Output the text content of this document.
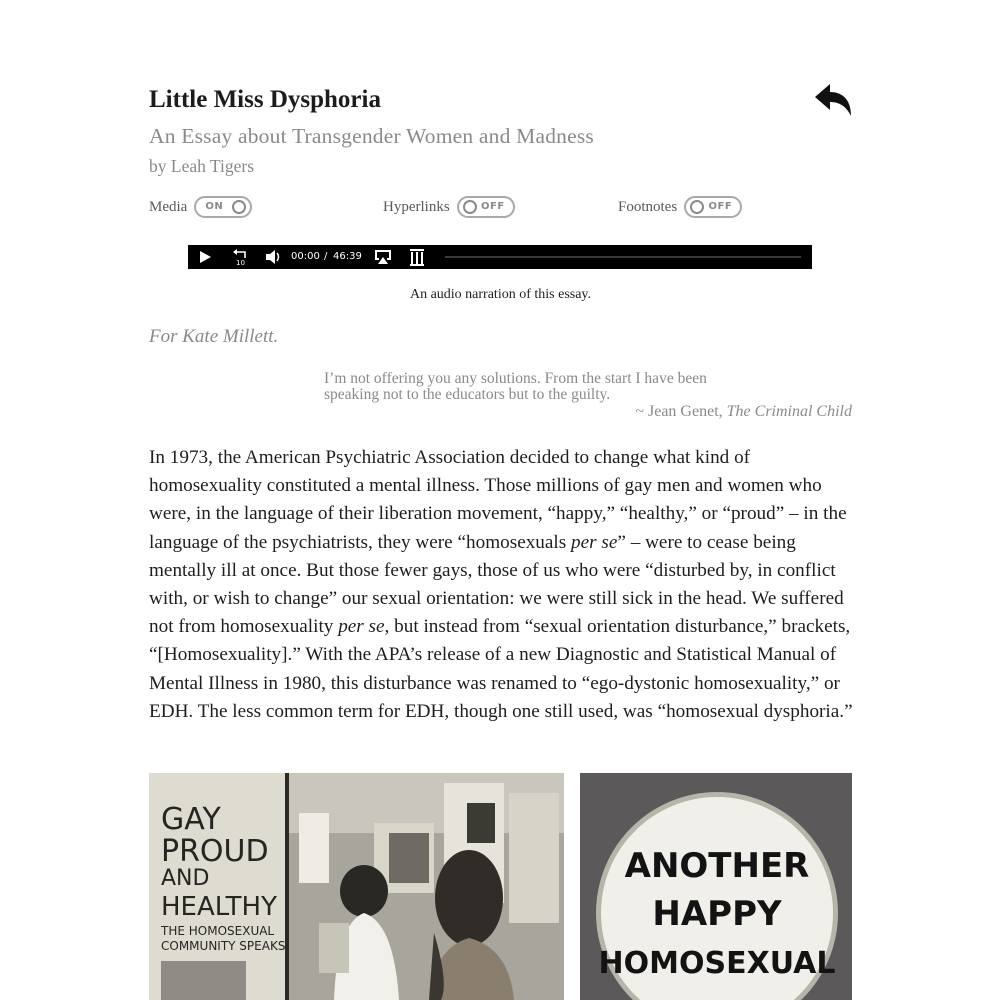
Little Miss Dysphoria
An Essay about Transgender Women and Madness
by Leah Tigers
Media ON	Hyperlinks	OFF	Footnotes	OFF
10
00:00 / 46:39
An audio narration of this essay.
For Kate Millett.
I’m not offering you any solutions. From the start I have been speaking not to the educators but to the guilty.
~ Jean Genet, The Criminal Child

In 1973, the American Psychiatric Association decided to change what kind of homosexuality constituted a mental illness. Those millions of gay men and women who were, in the language of their liberation movement, “happy,” “healthy,” or “proud” – in the language of the psychiatrists, they were “homosexuals per se” – were to cease being mentally ill at once. But those fewer gays, those of us who were “disturbed by, in conflict with, or wish to change” our sexual orientation: we were still sick in the head. We suffered not from homosexuality per se, but instead from “sexual orientation disturbance,” brackets, “[Homosexuality].” With the APA’s release of a new Diagnostic and Statistical Manual of Mental Illness in 1980, this disturbance was renamed to “ego-dystonic homosexuality,” or EDH. The less common term for EDH, though one still used, was “homosexual dysphoria.”

GAY
PROUD
AND
HEALTHY
THE HOMOSEXUAL
COMMUNITY SPEAKS
ANOTHER
HAPPY
HOMOSEXUAL
